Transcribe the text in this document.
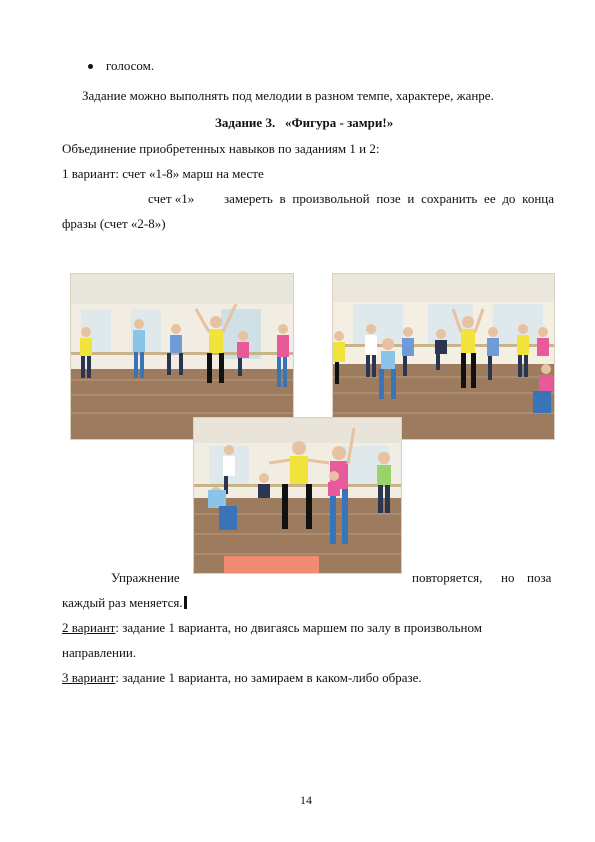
голосом.
Задание можно выполнять под мелодии в разном темпе, характере, жанре.
Задание 3. «Фигура - замри!»
Объединение приобретенных навыков по заданиям 1 и 2:
1 вариант: счет «1-8» марш на месте
счет «1» замереть в произвольной позе и сохранить ее до конца
фразы (счет «2-8»)
Упражнение	повторяется, но поза
каждый раз меняется.
2 вариант: задание 1 варианта, но двигаясь маршем по залу в произвольном
направлении.
3 вариант: задание 1 варианта, но замираем в каком-либо образе.
14
